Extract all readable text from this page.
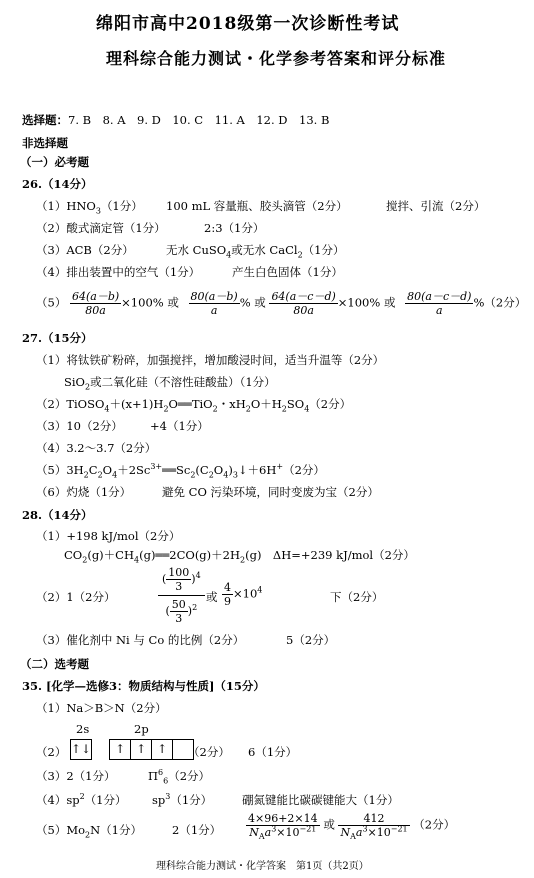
绵阳市高中2018级第一次诊断性考试
理科综合能力测试・化学参考答案和评分标准
选择题：7. B　8. A　9. D　10. C　11. A　12. D　13. B
非选择题
（一）必考题
26.（14分）
$(1)HNO_3(1$分） 100 mL 容量瓶、胶头滴管（2分）	搅拌、引流（2分）
（2）酸式滴定管（1分）	2:3（1分）
（3）ACB（2分）	无水 CuSO$_4$或无水 CaCl$_2$（1分）
（4）排出装置中的空气（1分）	产生白色固体（1分）
$(5) \frac{64(a-b)}{80a} \times 100\%$ 或 $\frac{80(a-b)}{a}$ % 或 $\frac{64(a-c-d)}{80a} \times 100\%$ 或 $\frac{80(a-c-d)}{a} \%(2$分）
27.（15分）
（1）将钛铁矿粉碎，加强搅拌，增加酸浸时间，适当升温等（2分）
SiO$_2$或二氧化硅（不溶性硅酸盐）（1分）
$(2)TiOSO_4+(x+1)H_2O══TiO_2$・$xH_2O+H_2SO_4(2$分）
（3）10（2分） +4（1分）
（4）3.2～3.7（2分）
$(5)3H_2C_2O_4+2Sc^{3+}══Sc_2(C_2O_4)_3↓+6H^+(2$分）
（6）灼烧（1分）	避免 CO 污染环境，同时变废为宝（2分）
28.（14分）
（1）+198 kJ/mol（2分）
$CO_2(g)+CH_4(g)══2CO(g)+2H_2(g)$　ΔH=+239 kJ/mol（2分）
（2）1（2分）
( $\frac{100}{3} )^4$
( $\frac{50}{3} )^2$
或 $\frac{4}{9} \times 10^4$	下（2分）
（3）催化剂中 Ni 与 Co 的比例（2分）	5（2分）
（二）选考题
35. [化学—选修3：物质结构与性质]（15分）
（1）Na＞B＞N（2分）
（2）
2s	2p
↑↓ ↑ ↑ ↑	（2分） 6（1分）
（3）2（1分）	$\Pi^6_6(2$分）
$(4)sp^2(1$分） $sp^3(1$分）	硼氮键能比碳碳键能大（1分）
$(5)Mo_2N(1$分）	2（1分） $\frac{4\times 96+2\times 14}{N_Aa^3\times 10^{-21}}$ 或 $\frac{412}{N_Aa^3\times 10^{-21}} (2$分）
理科综合能力测试・化学答案　第1页（共2页）
